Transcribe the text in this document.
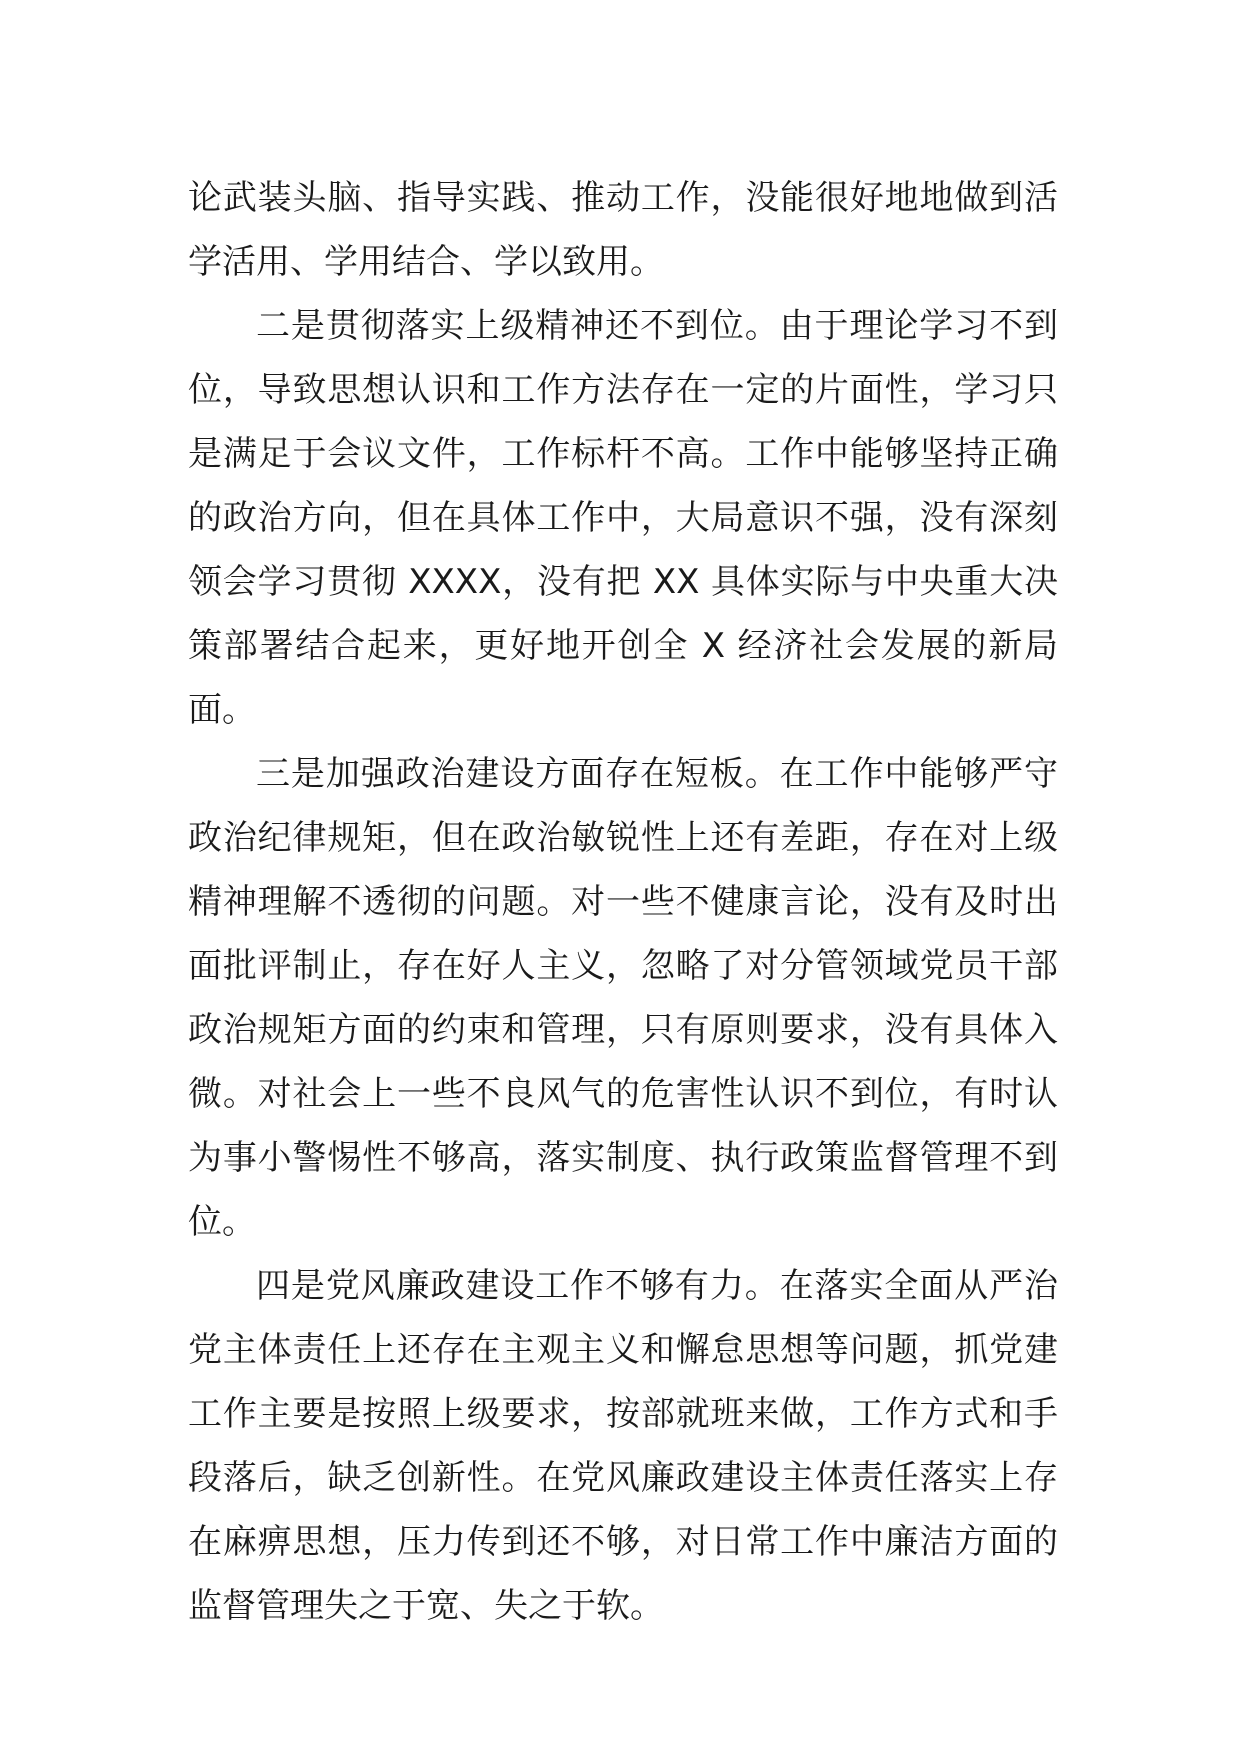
论武装头脑、指导实践、推动工作，没能很好地地做到活学活用、学用结合、学以致用。

二是贯彻落实上级精神还不到位。由于理论学习不到位，导致思想认识和工作方法存在一定的片面性，学习只是满足于会议文件，工作标杆不高。工作中能够坚持正确的政治方向，但在具体工作中，大局意识不强，没有深刻领会学习贯彻 XXXX，没有把 XX 具体实际与中央重大决策部署结合起来，更好地开创全 X 经济社会发展的新局面。

三是加强政治建设方面存在短板。在工作中能够严守政治纪律规矩，但在政治敏锐性上还有差距，存在对上级精神理解不透彻的问题。对一些不健康言论，没有及时出面批评制止，存在好人主义，忽略了对分管领域党员干部政治规矩方面的约束和管理，只有原则要求，没有具体入微。对社会上一些不良风气的危害性认识不到位，有时认为事小警惕性不够高，落实制度、执行政策监督管理不到位。

四是党风廉政建设工作不够有力。在落实全面从严治党主体责任上还存在主观主义和懈怠思想等问题，抓党建工作主要是按照上级要求，按部就班来做，工作方式和手段落后，缺乏创新性。在党风廉政建设主体责任落实上存在麻痹思想，压力传到还不够，对日常工作中廉洁方面的监督管理失之于宽、失之于软。
